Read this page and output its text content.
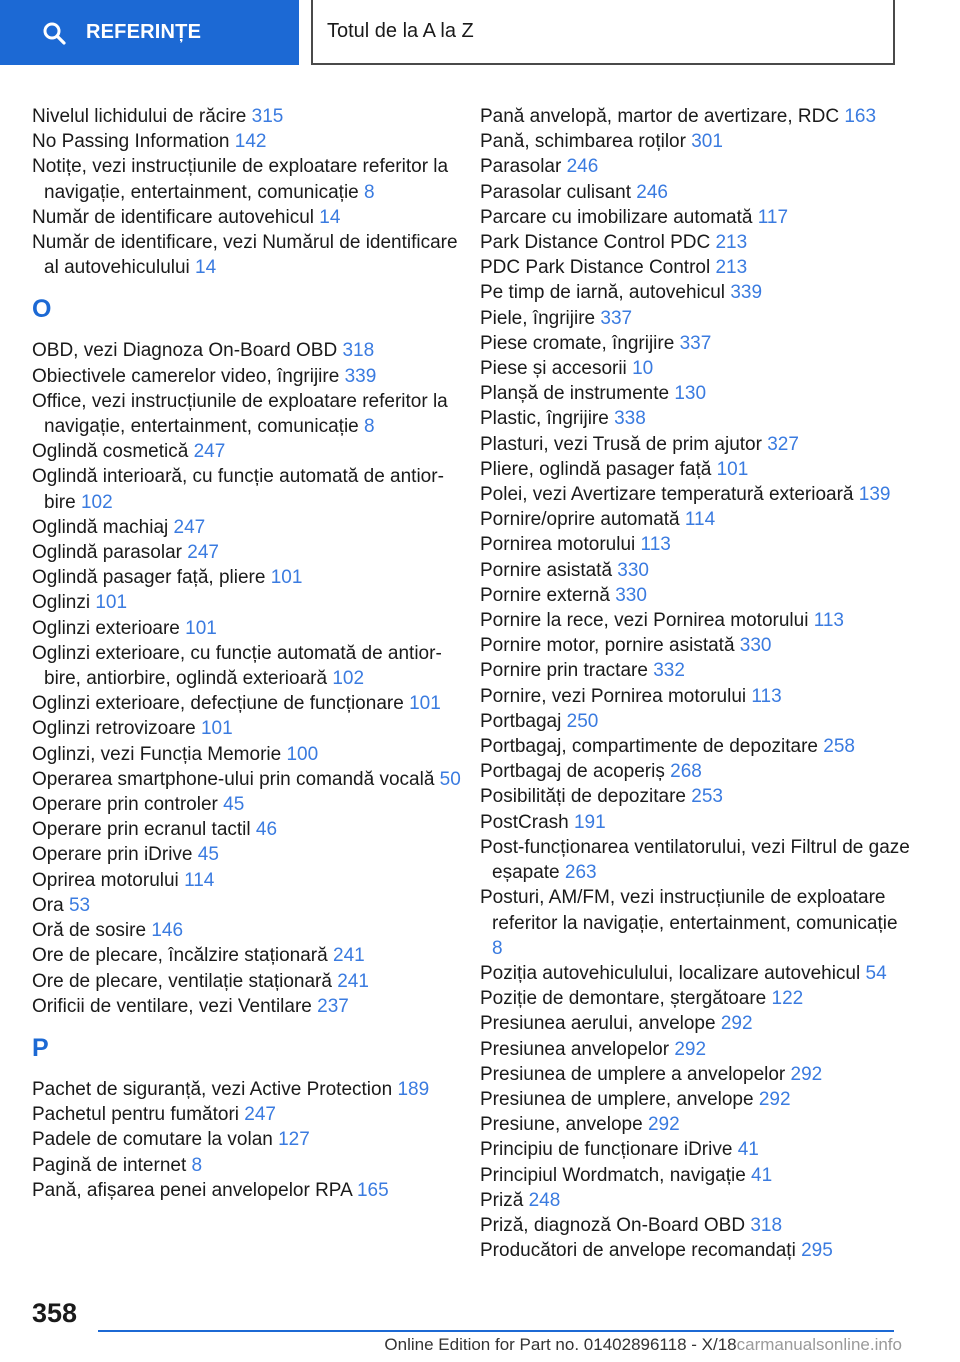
REFERINȚE	Totul de la A la Z
Nivelul lichidului de răcire 315
No Passing Information 142
Notițe, vezi instrucțiunile de exploatare referitor la navigație, entertainment, comunicație 8
Număr de identificare autovehicul 14
Număr de identificare, vezi Numărul de identificare al autovehiculului 14
O
OBD, vezi Diagnoza On-Board OBD 318
Obiectivele camerelor video, îngrijire 339
Office, vezi instrucțiunile de exploatare referitor la navigație, entertainment, comunicație 8
Oglindă cosmetică 247
Oglindă interioară, cu funcție automată de antiorbire 102
Oglindă machiaj 247
Oglindă parasolar 247
Oglindă pasager față, pliere 101
Oglinzi 101
Oglinzi exterioare 101
Oglinzi exterioare, cu funcție automată de antiorbire, antiorbire, oglindă exterioară 102
Oglinzi exterioare, defecțiune de funcționare 101
Oglinzi retrovizoare 101
Oglinzi, vezi Funcția Memorie 100
Operarea smartphone-ului prin comandă vocală 50
Operare prin controler 45
Operare prin ecranul tactil 46
Operare prin iDrive 45
Oprirea motorului 114
Ora 53
Oră de sosire 146
Ore de plecare, încălzire staționară 241
Ore de plecare, ventilație staționară 241
Orificii de ventilare, vezi Ventilare 237
P
Pachet de siguranță, vezi Active Protection 189
Pachetul pentru fumători 247
Padele de comutare la volan 127
Pagină de internet 8
Pană, afișarea penei anvelopelor RPA 165
Pană anvelopă, martor de avertizare, RDC 163
Pană, schimbarea roților 301
Parasolar 246
Parasolar culisant 246
Parcare cu imobilizare automată 117
Park Distance Control PDC 213
PDC Park Distance Control 213
Pe timp de iarnă, autovehicul 339
Piele, îngrijire 337
Piese cromate, îngrijire 337
Piese și accesorii 10
Planșă de instrumente 130
Plastic, îngrijire 338
Plasturi, vezi Trusă de prim ajutor 327
Pliere, oglindă pasager față 101
Polei, vezi Avertizare temperatură exterioară 139
Pornire/oprire automată 114
Pornirea motorului 113
Pornire asistată 330
Pornire externă 330
Pornire la rece, vezi Pornirea motorului 113
Pornire motor, pornire asistată 330
Pornire prin tractare 332
Pornire, vezi Pornirea motorului 113
Portbagaj 250
Portbagaj, compartimente de depozitare 258
Portbagaj de acoperiș 268
Posibilități de depozitare 253
PostCrash 191
Post-funcționarea ventilatorului, vezi Filtrul de gaze eșapate 263
Posturi, AM/FM, vezi instrucțiunile de exploatare referitor la navigație, entertainment, comunicație 8
Poziția autovehiculului, localizare autovehicul 54
Poziție de demontare, ștergătoare 122
Presiunea aerului, anvelope 292
Presiunea anvelopelor 292
Presiunea de umplere a anvelopelor 292
Presiunea de umplere, anvelope 292
Presiune, anvelope 292
Principiu de funcționare iDrive 41
Principiul Wordmatch, navigație 41
Priză 248
Priză, diagnoză On-Board OBD 318
Producători de anvelope recomandați 295
358
Online Edition for Part no. 01402896118 - X/18carmanualsonline.info
